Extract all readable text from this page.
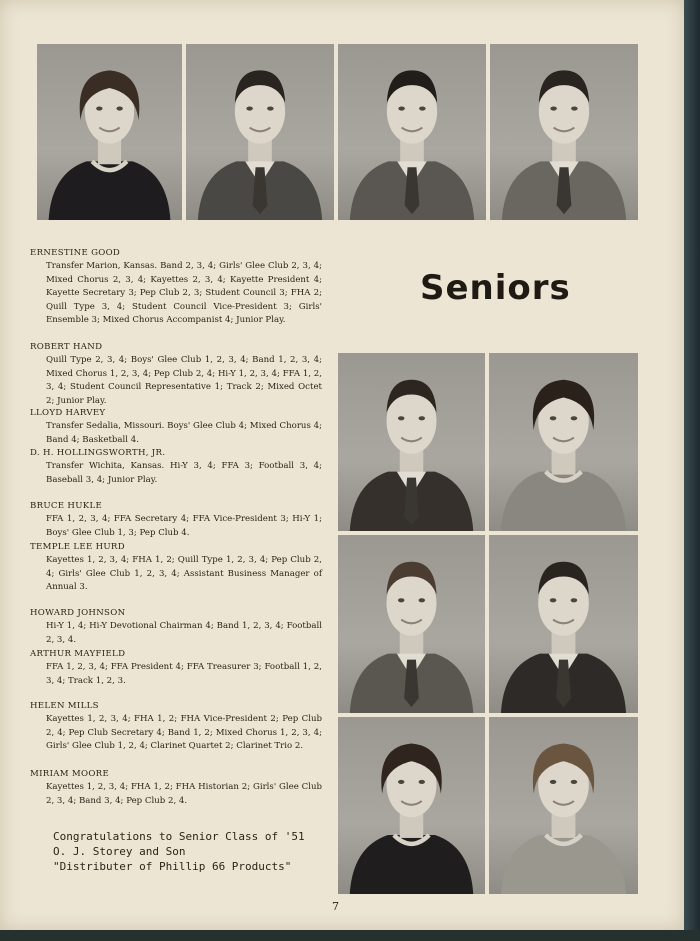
Seniors
ERNESTINE GOOD
Transfer Marion, Kansas. Band 2, 3, 4; Girls' Glee Club 2, 3, 4; Mixed Chorus 2, 3, 4; Kayettes 2, 3, 4; Kayette President 4; Kayette Secretary 3; Pep Club 2, 3; Student Council 3; FHA 2; Quill Type 3, 4; Student Council Vice-President 3; Girls' Ensemble 3; Mixed Chorus Accompanist 4; Junior Play.
ROBERT HAND
Quill Type 2, 3, 4; Boys' Glee Club 1, 2, 3, 4; Band 1, 2, 3, 4; Mixed Chorus 1, 2, 3, 4; Pep Club 2, 4; Hi-Y 1, 2, 3, 4; FFA 1, 2, 3, 4; Student Council Representative 1; Track 2; Mixed Octet 2; Junior Play.
LLOYD HARVEY
Transfer Sedalia, Missouri. Boys' Glee Club 4; Mixed Chorus 4; Band 4; Basketball 4.
D. H. HOLLINGSWORTH, JR.
Transfer Wichita, Kansas. Hi-Y 3, 4; FFA 3; Football 3, 4; Baseball 3, 4; Junior Play.
BRUCE HUKLE
FFA 1, 2, 3, 4; FFA Secretary 4; FFA Vice-President 3; Hi-Y 1; Boys' Glee Club 1, 3; Pep Club 4.
TEMPLE LEE HURD
Kayettes 1, 2, 3, 4; FHA 1, 2; Quill Type 1, 2, 3, 4; Pep Club 2, 4; Girls' Glee Club 1, 2, 3, 4; Assistant Business Manager of Annual 3.
HOWARD JOHNSON
Hi-Y 1, 4; Hi-Y Devotional Chairman 4; Band 1, 2, 3, 4; Football 2, 3, 4.
ARTHUR MAYFIELD
FFA 1, 2, 3, 4; FFA President 4; FFA Treasurer 3; Football 1, 2, 3, 4; Track 1, 2, 3.
HELEN MILLS
Kayettes 1, 2, 3, 4; FHA 1, 2; FHA Vice-President 2; Pep Club 2, 4; Pep Club Secretary 4; Band 1, 2; Mixed Chorus 1, 2, 3, 4; Girls' Glee Club 1, 2, 4; Clarinet Quartet 2; Clarinet Trio 2.
MIRIAM MOORE
Kayettes 1, 2, 3, 4; FHA 1, 2; FHA Historian 2; Girls' Glee Club 2, 3, 4; Band 3, 4; Pep Club 2, 4.
Congratulations to Senior Class of '51
O. J. Storey and Son
"Distributer of Phillip 66 Products"
7
